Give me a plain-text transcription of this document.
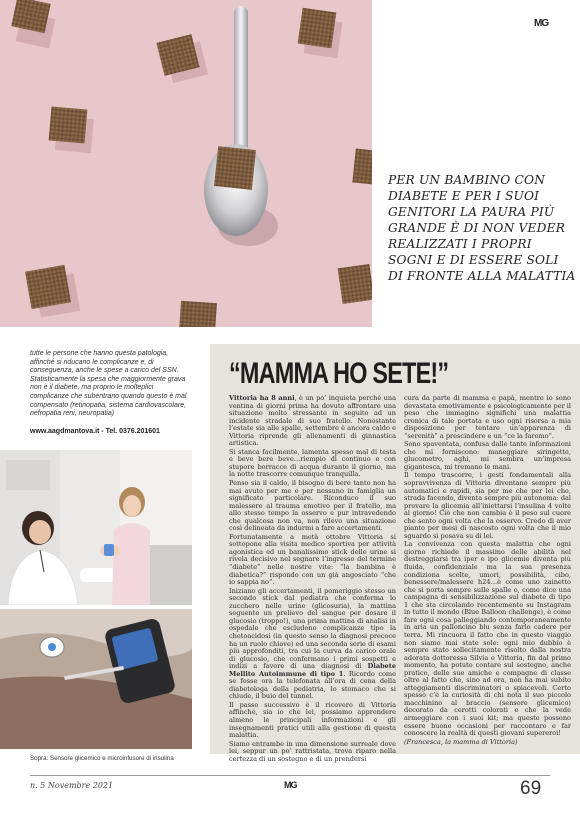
MG
PER UN BAMBINO CON DIABETE E PER I SUOI GENITORI LA PAURA PIÙ GRANDE È DI NON VEDER REALIZZATI I PROPRI SOGNI E DI ESSERE SOLI DI FRONTE ALLA MALATTIA

tutte le persone che hanno questa patologia, affinché si riducano le complicanze e, di conseguenza, anche le spese a carico del SSN. Statisticamente la spesa che maggiormente grava non è il diabete, ma proprio le molteplici complicanze che subentrano quando questo è mal compensato (retinopatia, sistema cardiovascolare, nefropatia reni, neuropatia)

www.aagdmantova.it - Tel. 0376.201601

Sopra: Sensore glicemico e microinfusore di insulina
“MAMMA HO SETE!”

Vittoria ha 8 anni, è un po’ inquieta perché una ventina di giorni prima ha dovuto affrontare una situazione molto stressante in seguito ad un incidente stradale di suo fratello. Nonostante l’estate sia alle spalle, settembre è ancora caldo e Vittoria riprende gli allenamenti di ginnastica artistica.

Si stanca facilmente, lamenta spesso mal di testa e beve bere beve…riempio di continuo e con stupore borracce di acqua durante il giorno, ma la notte trascorre comunque tranquilla.

Penso sia il caldo, il bisogno di bere tanto non ha mai avuto per me e per nessuno in famiglia un significato particolare. Riconduco il suo malessere al trauma emotivo per il fratello, ma allo stesso tempo la osservo e pur intravedendo che qualcosa non va, non rilevo una situazione così delineata da indurmi a fare accertamenti.

Fortunatamente a metà ottobre Vittoria si sottopone alla visita medico sportiva per attività agonistica ed un banalissimo stick delle urine si rivela decisivo nel segnare l’ingresso del termine “diabete” nelle nostre vite: “la bambina è diabetica?” rispondo con un già angosciato “che io sappia no”.

Iniziano gli accertamenti, il pomeriggio stesso un secondo stick dal pediatra che conferma lo zucchero nelle urine (glicosuria), la mattina seguente un prelievo del sangue per dosare il glucosio (troppo!), una prima mattina di analisi in ospedale che escludono complicanze tipo la chetoacidosi (in questo senso la diagnosi precoce ha un ruolo chiave) ed una seconda serie di esami più approfonditi, tra cui la curva da carico orale di glucosio, che confermano i primi sospetti e indizi a favore di una diagnosi di Diabete Mellito Autoimmune di tipo 1. Ricordo come se fosse ora la telefonata all’ora di cena della diabetologa della pediatria, lo stomaco che si chiude, il buio del tunnel.

Il passo successivo è il ricovero di Vittoria affinché, sia io che lei, possiamo apprendere almeno le principali informazioni e gli insegnamenti pratici utili alla gestione di questa malattia.

Siamo entrambe in una dimensione surreale dove lei, seppur un po’ rattristata, trova riparo nella certezza di un sostegno e di un prendersi

cura da parte di mamma e papà, mentre io sono devastata emotivamente e psicologicamente per il peso che immagino significhi una malattia cronica di tale portata e uso ogni risorsa a mia disposizione per tentare un’apparenza di “serenità” a prescindere e un “ce la faremo”.

Sono spaventata, confusa dalle tante informazioni che mi forniscono: maneggiare siringette, glucometro, aghi, mi sembra un’impresa gigantesca, mi tremano le mani.

Il tempo trascorre, i gesti fondamentali alla sopravvivenza di Vittoria diventano sempre più automatici e rapidi, sia per me che per lei che, strada facendo, diventa sempre più autonoma: dal provare la glicemia all’iniettarsi l’insulina 4 volte al giorno! Ciò che non cambia è il peso sul cuore che sento ogni volta che la osservo. Credo di aver pianto per mesi di nascosto ogni volta che il mio sguardo si posava su di lei.

La convivenza con questa malattia che ogni giorno richiede il massimo delle abilità nel destreggiarsi tra iper e ipo glicemie diventa più fluida, confidenziale ma la sua presenza condiziona scelte, umori, possibilità, cibo, benessere/malessere h24…è come uno zainetto che si porta sempre sulle spalle o, come dice una campagna di sensibilizzazione sul diabete di tipo 1 che sta circolando recentemente su Instagram in tutto il mondo (Blue Balloon challenge), è come fare ogni cosa palleggiando contemporaneamente in aria un palloncino blu senza farlo cadere per terra. Mi rincuora il fatto che in questo viaggio non siamo mai state sole: ogni mio dubbio è sempre stato sollecitamente risolto dalla nostra adorata dottoressa Silvia e Vittoria, fin dal primo momento, ha potuto contare sul sostegno, anche pratico, delle sue amiche e compagne di classe oltre al fatto che, sino ad ora, non ha mai subito atteggiamenti discriminatori o spiacevoli. Certo spesso c’è la curiosità di chi nota il suo piccolo macchinino al braccio (sensore glicemico) decorato da cerotti colorati e che la vede armeggiare con i suoi kit; ma queste possono essere buone occasioni per raccontare e far conoscere la realtà di questi giovani supereroi!

(Francesca, la mamma di Vittoria)

n. 5 Novembre 2021	MG	69
